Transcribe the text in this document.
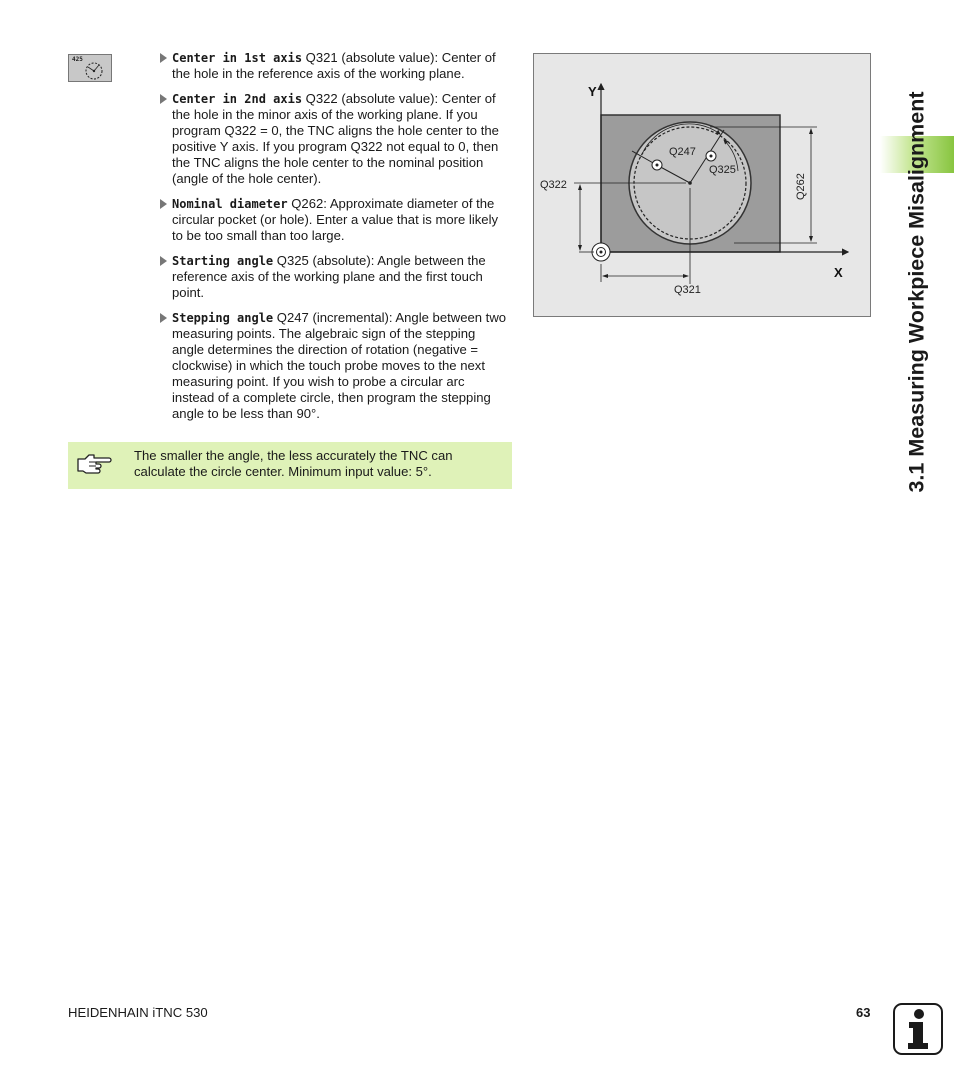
425	Center in 1st axis Q321 (absolute value): Center of the hole in the reference axis of the working plane.
Center in 2nd axis Q322 (absolute value): Center of the hole in the minor axis of the working plane. If you program Q322 = 0, the TNC aligns the hole center to the positive Y axis. If you program Q322 not equal to 0, then the TNC aligns the hole center to the nominal position (angle of the hole center).
Nominal diameter Q262: Approximate diameter of the circular pocket (or hole). Enter a value that is more likely to be too small than too large.
Starting angle Q325 (absolute): Angle between the reference axis of the working plane and the first touch point.
Stepping angle Q247 (incremental): Angle between two measuring points. The algebraic sign of the stepping angle determines the direction of rotation (negative = clockwise) in which the touch probe moves to the next measuring point. If you wish to probe a circular arc instead of a complete circle, then program the stepping angle to be less than 90°.
The smaller the angle, the less accurately the TNC can calculate the circle center. Minimum input value: 5°.
Y
X
Q322
Q321
Q262
Q247
Q325	3.1 Measuring Workpiece Misalignment
HEIDENHAIN iTNC 530	63
